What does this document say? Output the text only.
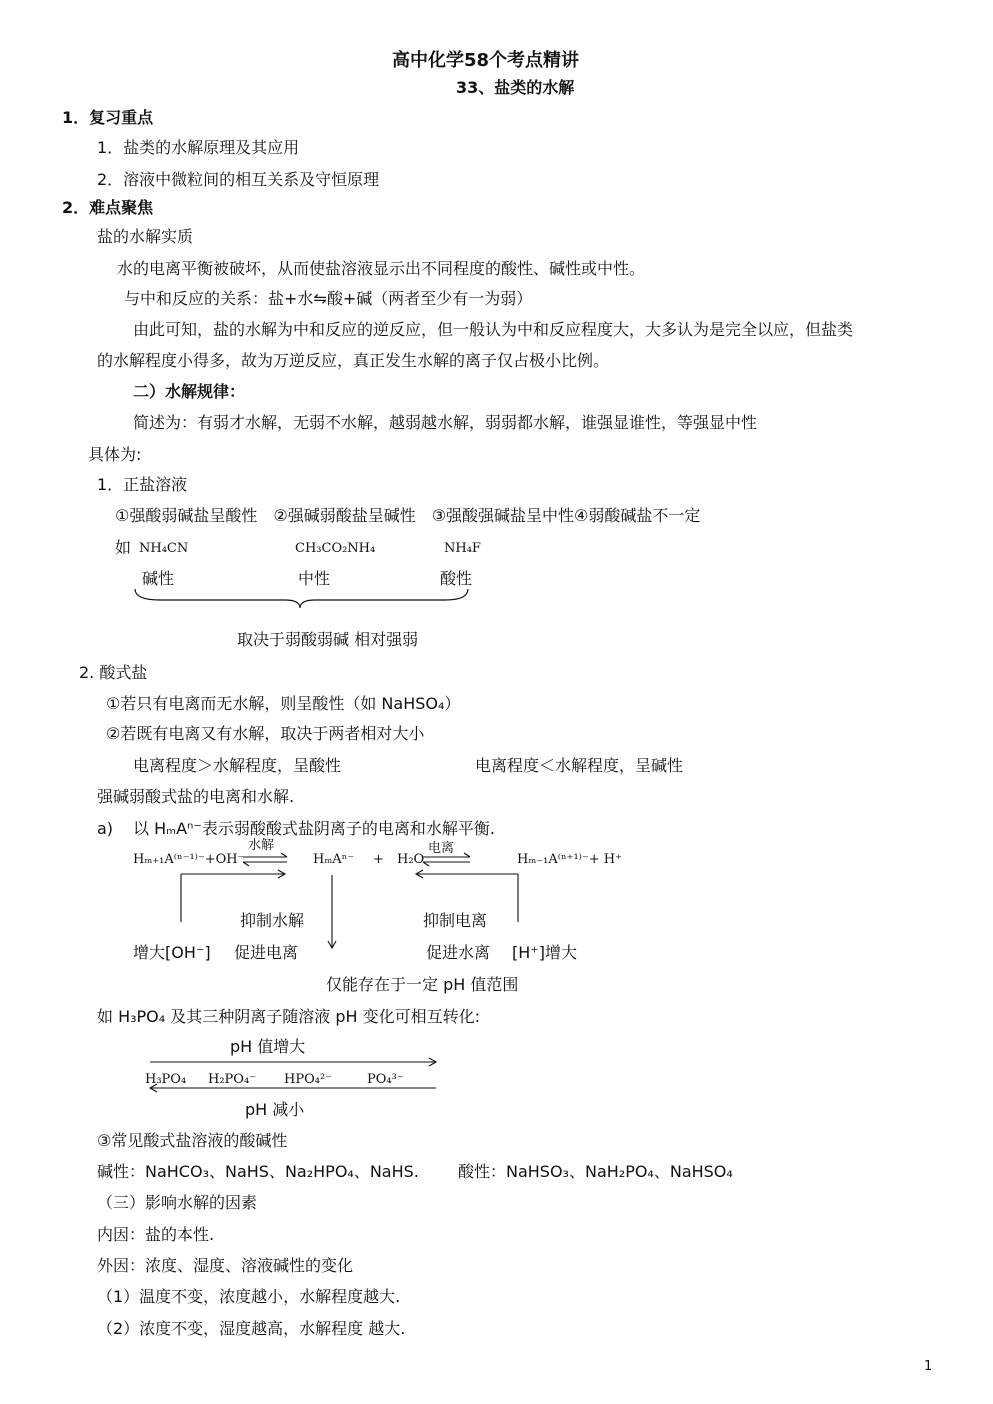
高中化学58个考点精讲
33、盐类的水解
1．复习重点
1．盐类的水解原理及其应用
2．溶液中微粒间的相互关系及守恒原理
2．难点聚焦
盐的水解实质
水的电离平衡被破坏，从而使盐溶液显示出不同程度的酸性、碱性或中性。
与中和反应的关系：盐+水⇋酸+碱（两者至少有一为弱）
由此可知，盐的水解为中和反应的逆反应，但一般认为中和反应程度大，大多认为是完全以应，但盐类
的水解程度小得多，故为万逆反应，真正发生水解的离子仅占极小比例。
二）水解规律：
简述为：有弱才水解，无弱不水解，越弱越水解，弱弱都水解，谁强显谁性，等强显中性
具体为:
1．正盐溶液
①强酸弱碱盐呈酸性　②强碱弱酸盐呈碱性　③强酸强碱盐呈中性④弱酸碱盐不一定
如 NH₄CN	CH₃CO₂NH₄	NH₄F
碱性	中性	酸性
取决于弱酸弱碱 相对强弱
2. 酸式盐
①若只有电离而无水解，则呈酸性（如 NaHSO₄）
②若既有电离又有水解，取决于两者相对大小
电离程度＞水解程度，呈酸性	电离程度＜水解程度，呈碱性
强碱弱酸式盐的电离和水解.
a) 以 HₘAⁿ⁻表示弱酸酸式盐阴离子的电离和水解平衡.
Hₘ₊₁A⁽ⁿ⁻¹⁾⁻+OH⁻
水解
HₘAⁿ⁻ + H₂O
电离
Hₘ₋₁A⁽ⁿ⁺¹⁾⁻+ H⁺
抑制水解	抑制电离
增大[OH⁻] 促进电离	促进水离 [H⁺]增大
仅能存在于一定 pH 值范围
如 H₃PO₄ 及其三种阴离子随溶液 pH 变化可相互转化:
pH 值增大
H₃PO₄ H₂PO₄⁻ HPO₄²⁻	PO₄³⁻
pH 减小
③常见酸式盐溶液的酸碱性
碱性：NaHCO₃、NaHS、Na₂HPO₄、NaHS. 酸性：NaHSO₃、NaH₂PO₄、NaHSO₄
（三）影响水解的因素
内因：盐的本性.
外因：浓度、湿度、溶液碱性的变化
（1）温度不变，浓度越小，水解程度越大.
（2）浓度不变，湿度越高，水解程度 越大.
1
